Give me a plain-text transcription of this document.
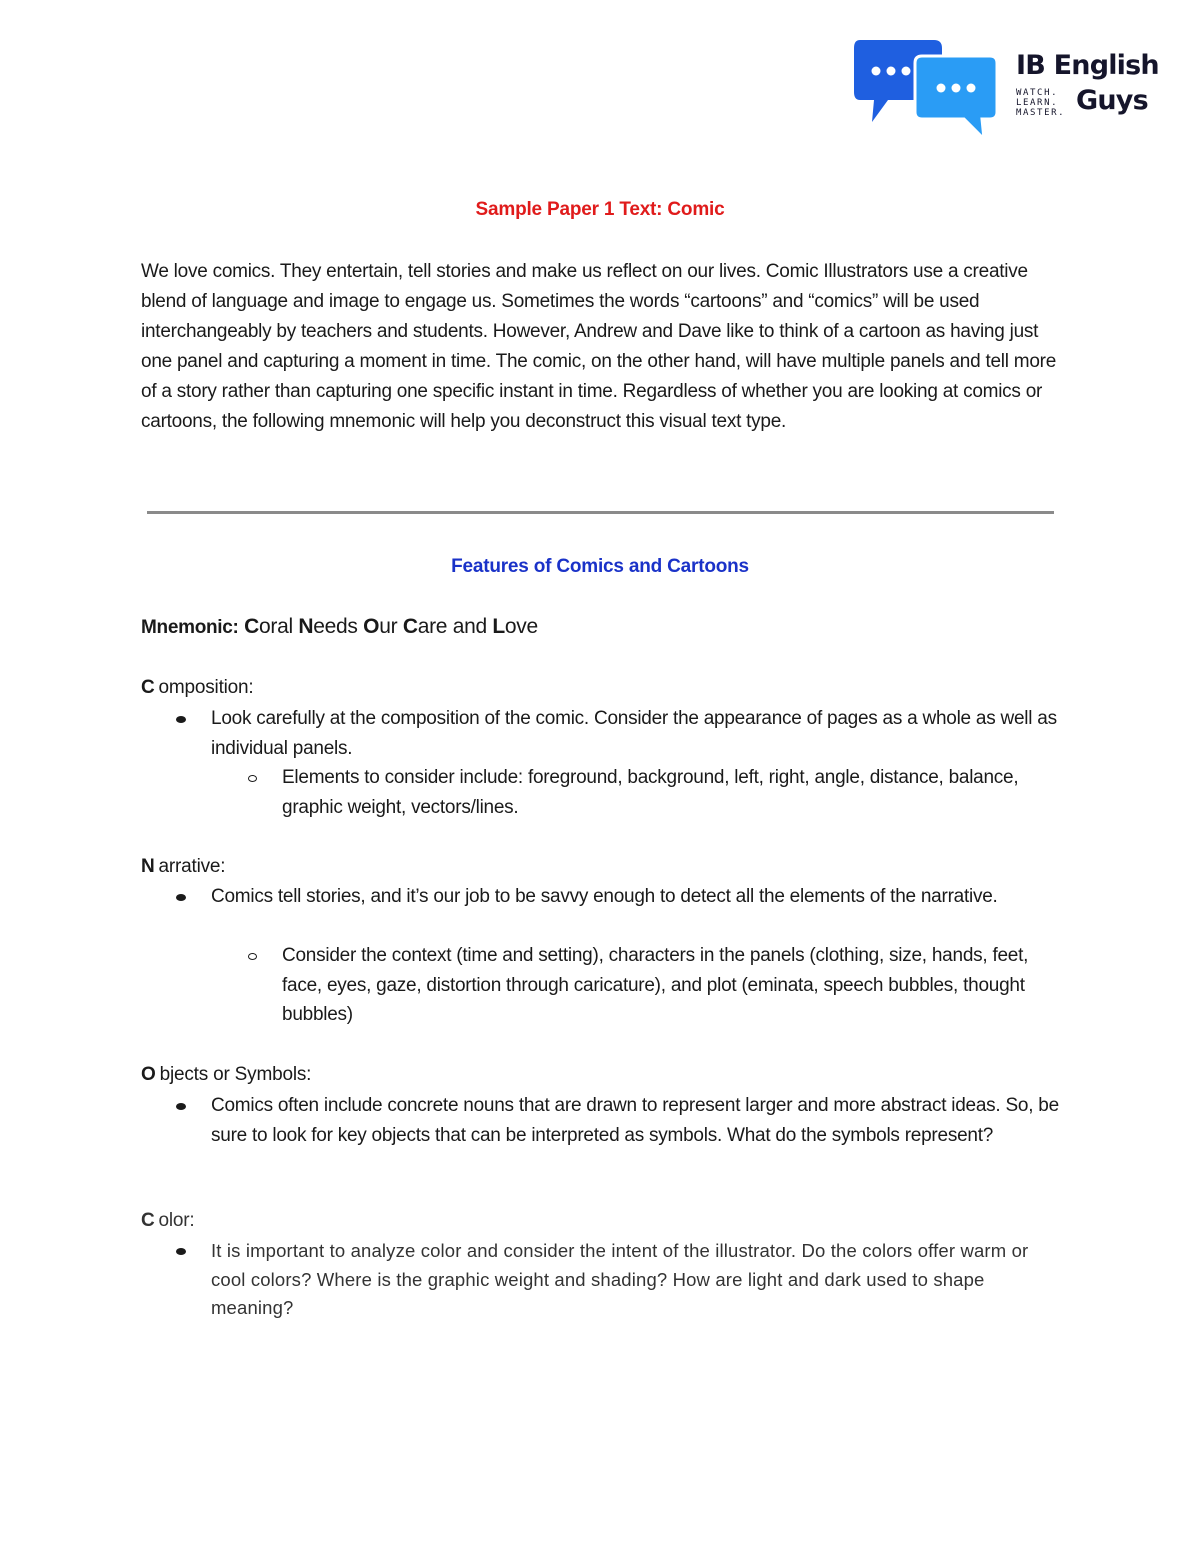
IB English
WATCH.
LEARN.
MASTER. Guys
Sample Paper 1 Text: Comic

We love comics. They entertain, tell stories and make us reflect on our lives. Comic Illustrators use a creative blend of language and image to engage us. Sometimes the words “cartoons” and “comics” will be used interchangeably by teachers and students. However, Andrew and Dave like to think of a cartoon as having just one panel and capturing a moment in time. The comic, on the other hand, will have multiple panels and tell more of a story rather than capturing one specific instant in time. Regardless of whether you are looking at comics or cartoons, the following mnemonic will help you deconstruct this visual text type.

Features of Comics and Cartoons
Mnemonic: Coral Needs Our Care and Love
C omposition:

Look carefully at the composition of the comic. Consider the appearance of pages as a whole as well as individual panels.

Elements to consider include: foreground, background, left, right, angle, distance, balance, graphic weight, vectors/lines.

N arrative:

Comics tell stories, and it’s our job to be savvy enough to detect all the elements of the narrative.

Consider the context (time and setting), characters in the panels (clothing, size, hands, feet, face, eyes, gaze, distortion through caricature), and plot (eminata, speech bubbles, thought bubbles)

O bjects or Symbols:

Comics often include concrete nouns that are drawn to represent larger and more abstract ideas. So, be sure to look for key objects that can be interpreted as symbols. What do the symbols represent?

C olor:

It is important to analyze color and consider the intent of the illustrator. Do the colors offer warm or cool colors? Where is the graphic weight and shading? How are light and dark used to shape meaning?
